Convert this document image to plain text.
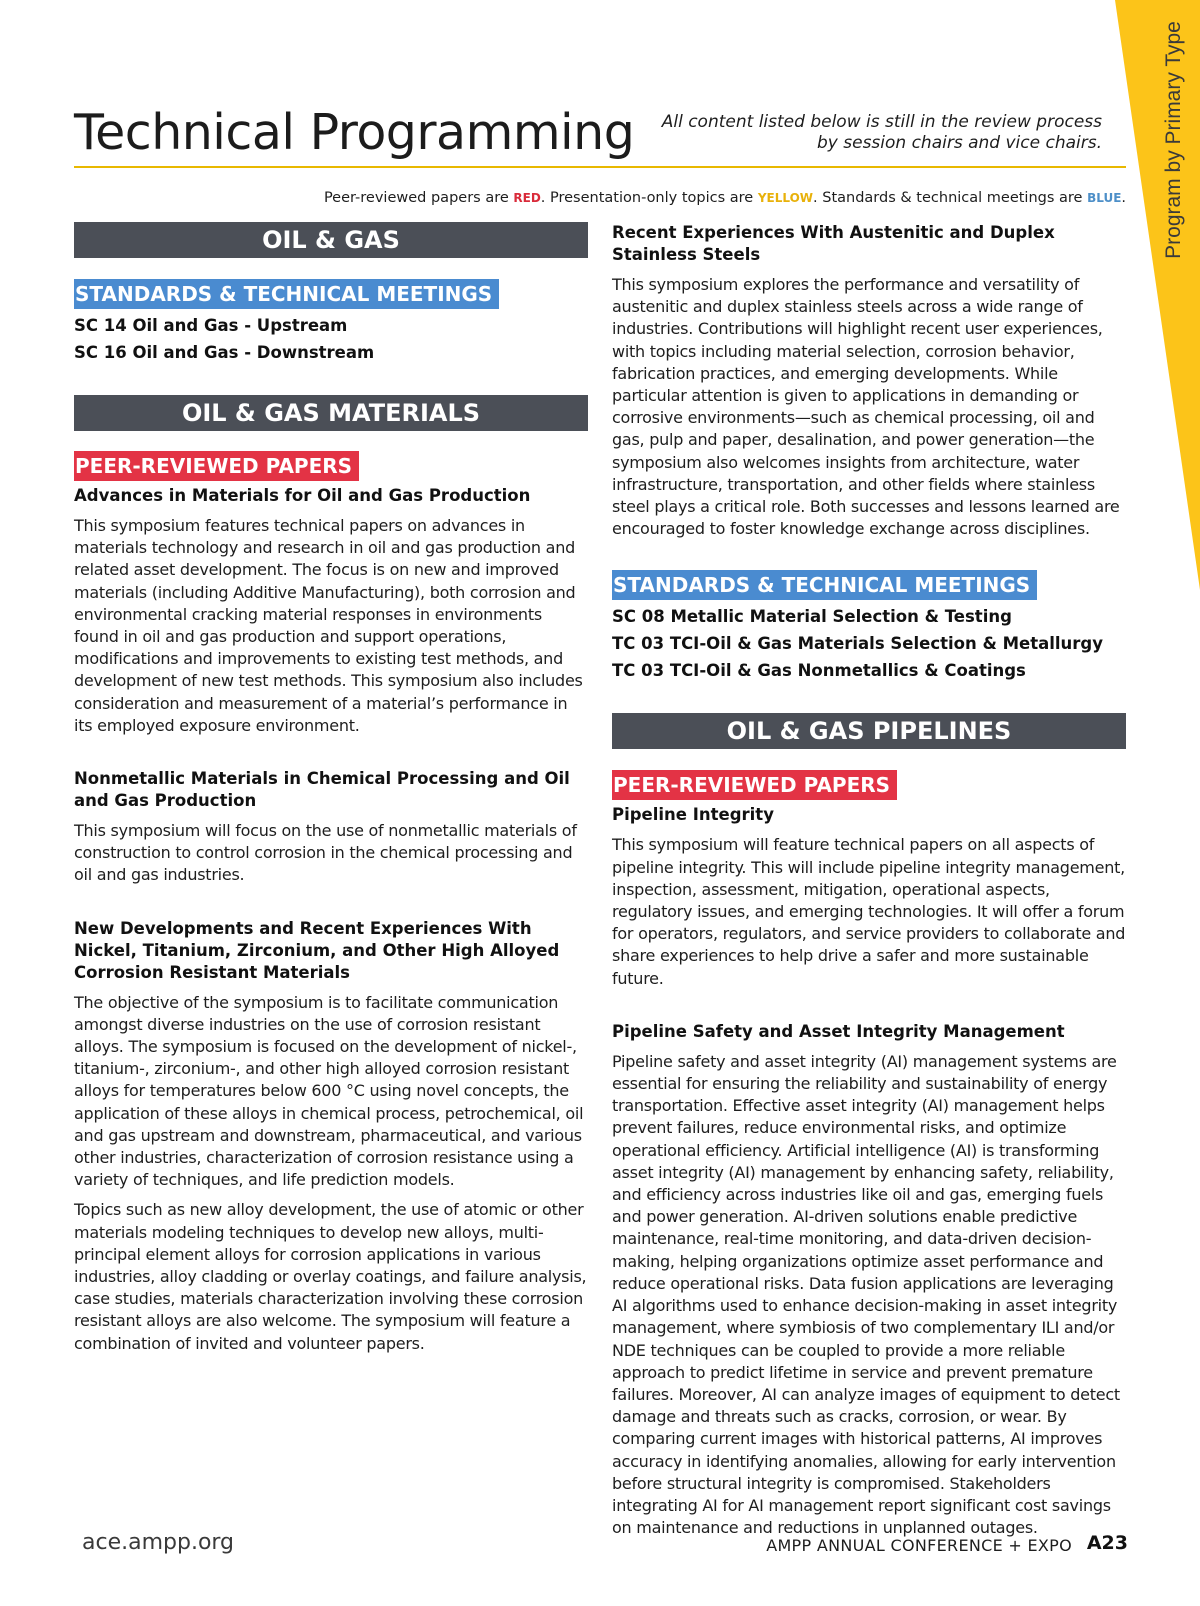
Program by Primary Type
Technical Programming	All content listed below is still in the review process
by session chairs and vice chairs.
Peer-reviewed papers are RED. Presentation-only topics are YELLOW. Standards & technical meetings are BLUE.
OIL & GAS
STANDARDS & TECHNICAL MEETINGS
SC 14 Oil and Gas - Upstream
SC 16 Oil and Gas - Downstream
OIL & GAS MATERIALS
PEER-REVIEWED PAPERS
Advances in Materials for Oil and Gas Production

This symposium features technical papers on advances in materials technology and research in oil and gas production and related asset development. The focus is on new and improved materials (including Additive Manufacturing), both corrosion and environmental cracking material responses in environments found in oil and gas production and support operations, modifications and improvements to existing test methods, and development of new test methods. This symposium also includes consideration and measurement of a material’s performance in its employed exposure environment.

Nonmetallic Materials in Chemical Processing and Oil and Gas Production

This symposium will focus on the use of nonmetallic materials of construction to control corrosion in the chemical processing and oil and gas industries.

New Developments and Recent Experiences With Nickel, Titanium, Zirconium, and Other High Alloyed Corrosion Resistant Materials

The objective of the symposium is to facilitate communication amongst diverse industries on the use of corrosion resistant alloys. The symposium is focused on the development of nickel-, titanium-, zirconium-, and other high alloyed corrosion resistant alloys for temperatures below 600 °C using novel concepts, the application of these alloys in chemical process, petrochemical, oil and gas upstream and downstream, pharmaceutical, and various other industries, characterization of corrosion resistance using a variety of techniques, and life prediction models.

Topics such as new alloy development, the use of atomic or other materials modeling techniques to develop new alloys, multi-principal element alloys for corrosion applications in various industries, alloy cladding or overlay coatings, and failure analysis, case studies, materials characterization involving these corrosion resistant alloys are also welcome. The symposium will feature a combination of invited and volunteer papers.

Recent Experiences With Austenitic and Duplex Stainless Steels

This symposium explores the performance and versatility of austenitic and duplex stainless steels across a wide range of industries. Contributions will highlight recent user experiences, with topics including material selection, corrosion behavior, fabrication practices, and emerging developments. While particular attention is given to applications in demanding or corrosive environments—such as chemical processing, oil and gas, pulp and paper, desalination, and power generation—the symposium also welcomes insights from architecture, water infrastructure, transportation, and other fields where stainless steel plays a critical role. Both successes and lessons learned are encouraged to foster knowledge exchange across disciplines.

STANDARDS & TECHNICAL MEETINGS
SC 08 Metallic Material Selection & Testing
TC 03 TCI-Oil & Gas Materials Selection & Metallurgy
TC 03 TCI-Oil & Gas Nonmetallics & Coatings
OIL & GAS PIPELINES
PEER-REVIEWED PAPERS
Pipeline Integrity

This symposium will feature technical papers on all aspects of pipeline integrity. This will include pipeline integrity management, inspection, assessment, mitigation, operational aspects, regulatory issues, and emerging technologies. It will offer a forum for operators, regulators, and service providers to collaborate and share experiences to help drive a safer and more sustainable future.

Pipeline Safety and Asset Integrity Management

Pipeline safety and asset integrity (AI) management systems are essential for ensuring the reliability and sustainability of energy transportation. Effective asset integrity (AI) management helps prevent failures, reduce environmental risks, and optimize operational efficiency. Artificial intelligence (AI) is transforming asset integrity (AI) management by enhancing safety, reliability, and efficiency across industries like oil and gas, emerging fuels and power generation. AI-driven solutions enable predictive maintenance, real-time monitoring, and data-driven decision- making, helping organizations optimize asset performance and reduce operational risks. Data fusion applications are leveraging AI algorithms used to enhance decision-making in asset integrity management, where symbiosis of two complementary ILI and/or NDE techniques can be coupled to provide a more reliable approach to predict lifetime in service and prevent premature failures. Moreover, AI can analyze images of equipment to detect damage and threats such as cracks, corrosion, or wear. By comparing current images with historical patterns, AI improves accuracy in identifying anomalies, allowing for early intervention before structural integrity is compromised. Stakeholders integrating AI for AI management report significant cost savings on maintenance and reductions in unplanned outages.

ace.ampp.org	AMPP ANNUAL CONFERENCE + EXPO A23
